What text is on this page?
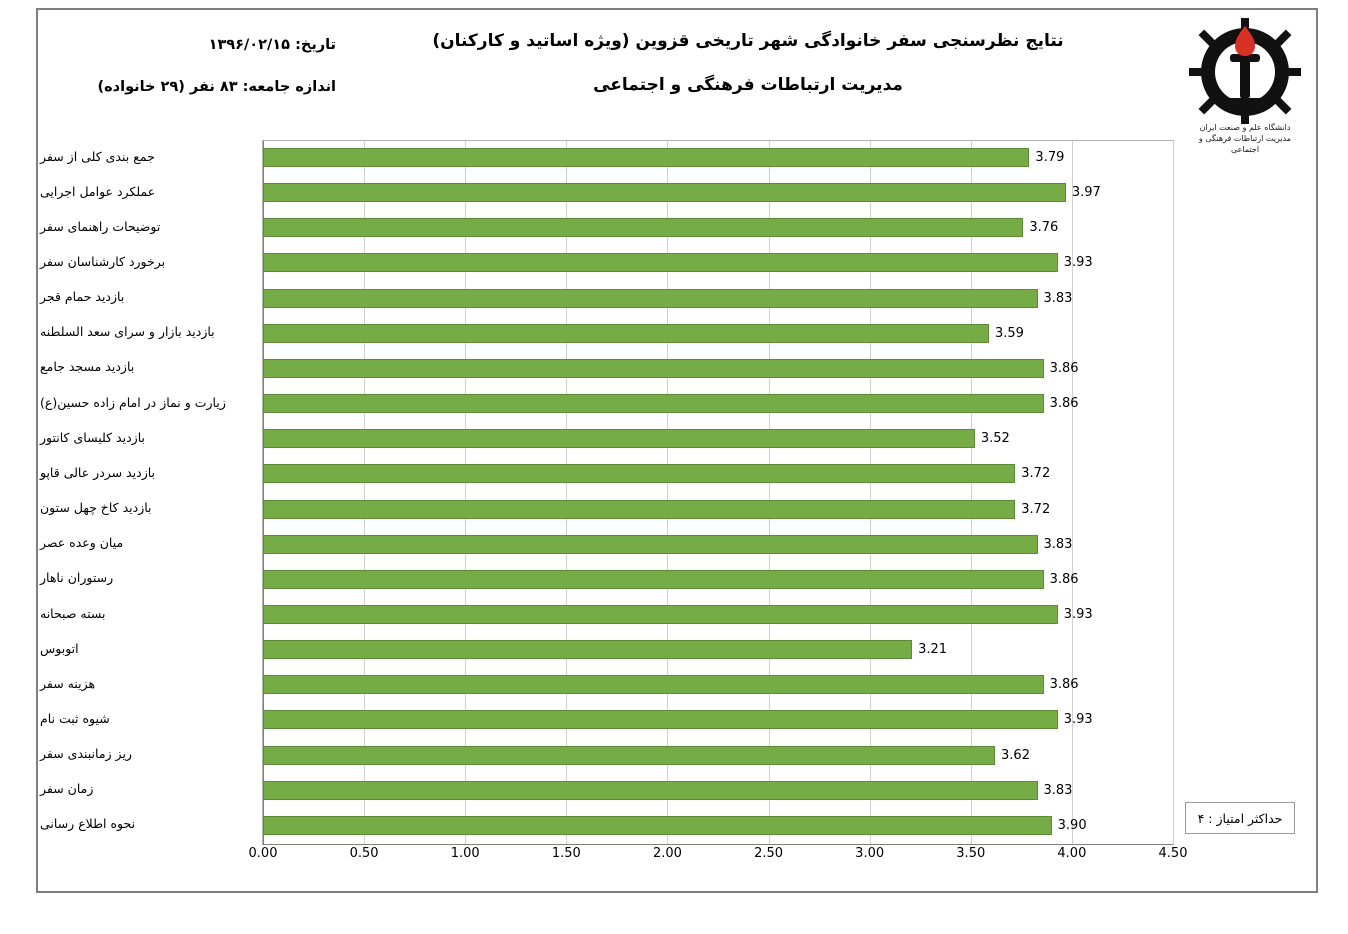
نتایج نظرسنجی سفر خانوادگی شهر تاریخی قزوین (ویژه اساتید و کارکنان)
مدیریت ارتباطات فرهنگی و اجتماعی
تاریخ: ۱۳۹۶/۰۲/۱۵
اندازه جامعه: ۸۳ نفر (۲۹ خانواده)
دانشگاه علم و صنعت ایران
مدیریت ارتباطات فرهنگی و اجتماعی
جمع بندی کلی از سفر
عملکرد عوامل اجرایی
توضیحات راهنمای سفر
برخورد کارشناسان سفر
بازدید حمام قجر
بازدید بازار و سرای سعد السلطنه
بازدید مسجد جامع
زیارت و نماز در امام زاده حسین(ع)
بازدید کلیسای کانتور
بازدید سردر عالی قاپو
بازدید کاخ چهل ستون
میان وعده عصر
رستوران ناهار
بسته صبحانه
اتوبوس
هزینه سفر
شیوه ثبت نام
ریز زمانبندی سفر
زمان سفر
نحوه اطلاع رسانی
3.79
3.97
3.76
3.93
3.83
3.59
3.86
3.86
3.52
3.72
3.72
3.83
3.86
3.93
3.21
3.86
3.93
3.62
3.83
3.90
0.00	0.50	1.00	1.50	2.00	2.50	3.00	3.50	4.00	4.50
حداکثر امتیاز : ۴
